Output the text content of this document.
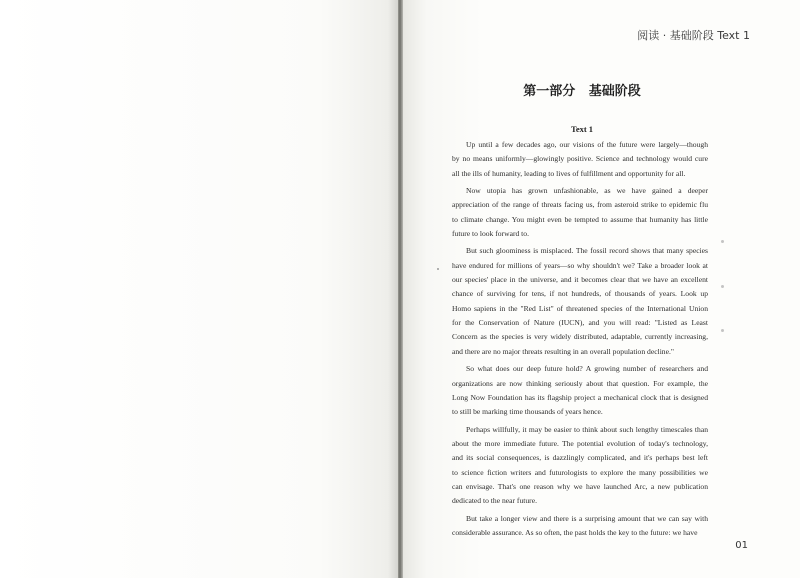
阅读 · 基础阶段 Text 1
第一部分   基础阶段
Text 1

Up until a few decades ago, our visions of the future were largely—though
by no means uniformly—glowingly positive. Science and technology would cure
all the ills of humanity, leading to lives of fulfillment and opportunity for all.

Now utopia has grown unfashionable, as we have gained a deeper
appreciation of the range of threats facing us, from asteroid strike to epidemic flu
to climate change. You might even be tempted to assume that humanity has little
future to look forward to.

But such gloominess is misplaced. The fossil record shows that many species
have endured for millions of years—so why shouldn't we? Take a broader look at
our species' place in the universe, and it becomes clear that we have an excellent
chance of surviving for tens, if not hundreds, of thousands of years. Look up
Homo sapiens in the "Red List" of threatened species of the International Union
for the Conservation of Nature (IUCN), and you will read: "Listed as Least
Concern as the species is very widely distributed, adaptable, currently increasing,
and there are no major threats resulting in an overall population decline."

So what does our deep future hold? A growing number of researchers and
organizations are now thinking seriously about that question. For example, the
Long Now Foundation has its flagship project a mechanical clock that is designed
to still be marking time thousands of years hence.

Perhaps willfully, it may be easier to think about such lengthy timescales than
about the more immediate future. The potential evolution of today's technology,
and its social consequences, is dazzlingly complicated, and it's perhaps best left
to science fiction writers and futurologists to explore the many possibilities we
can envisage. That's one reason why we have launched Arc, a new publication
dedicated to the near future.

But take a longer view and there is a surprising amount that we can say with
considerable assurance. As so often, the past holds the key to the future: we have

01
